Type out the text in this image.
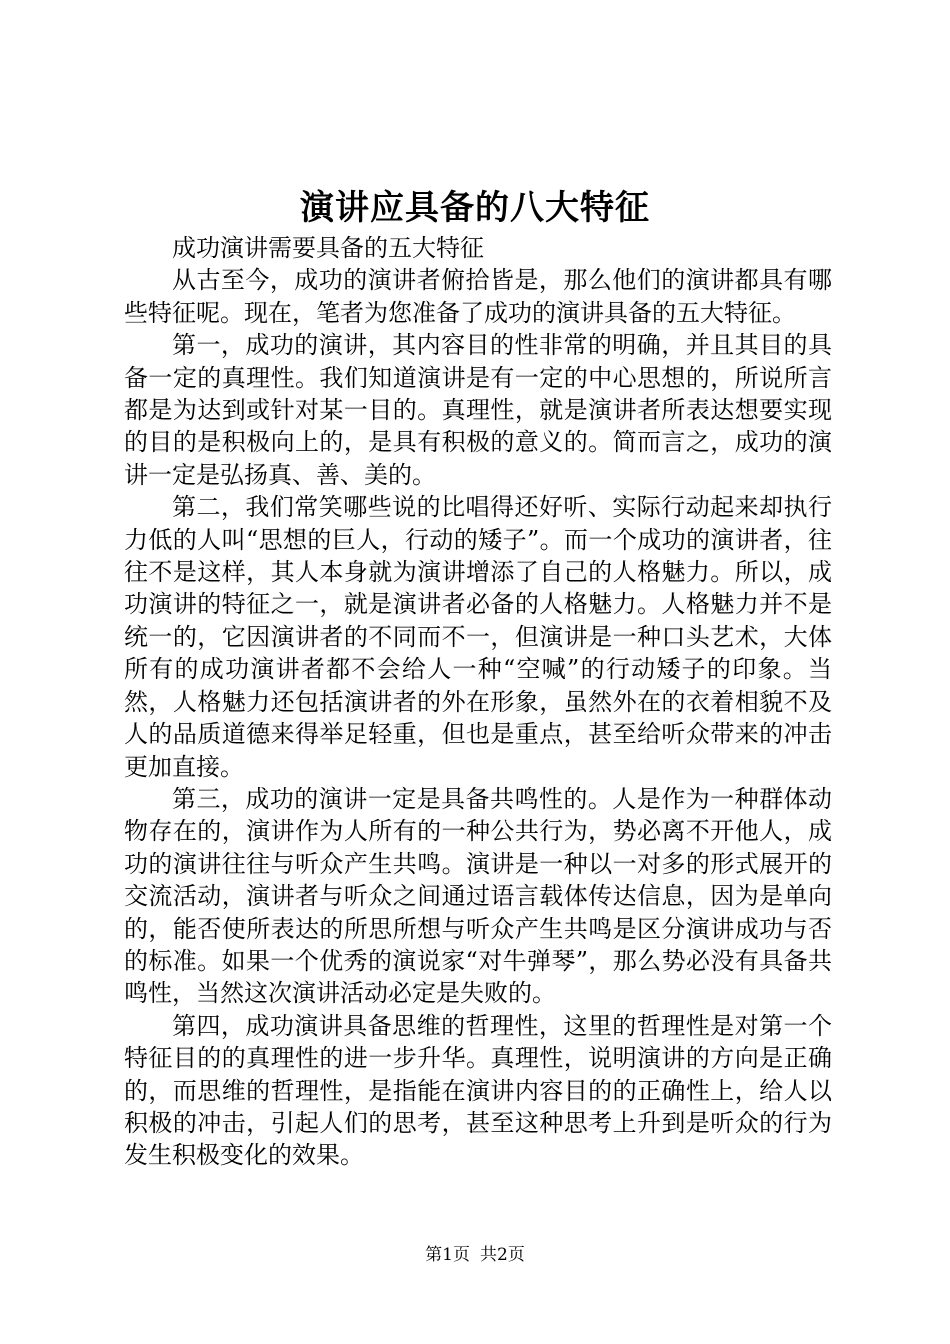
演讲应具备的八大特征

成功演讲需要具备的五大特征

从古至今，成功的演讲者俯拾皆是，那么他们的演讲都具有哪些特征呢。现在，笔者为您准备了成功的演讲具备的五大特征。

第一，成功的演讲，其内容目的性非常的明确，并且其目的具备一定的真理性。我们知道演讲是有一定的中心思想的，所说所言都是为达到或针对某一目的。真理性，就是演讲者所表达想要实现的目的是积极向上的，是具有积极的意义的。简而言之，成功的演讲一定是弘扬真、善、美的。

第二，我们常笑哪些说的比唱得还好听、实际行动起来却执行力低的人叫“思想的巨人，行动的矮子”。而一个成功的演讲者，往往不是这样，其人本身就为演讲增添了自己的人格魅力。所以，成功演讲的特征之一，就是演讲者必备的人格魅力。人格魅力并不是统一的，它因演讲者的不同而不一，但演讲是一种口头艺术，大体所有的成功演讲者都不会给人一种“空喊”的行动矮子的印象。当然，人格魅力还包括演讲者的外在形象，虽然外在的衣着相貌不及人的品质道德来得举足轻重，但也是重点，甚至给听众带来的冲击更加直接。

第三，成功的演讲一定是具备共鸣性的。人是作为一种群体动物存在的，演讲作为人所有的一种公共行为，势必离不开他人，成功的演讲往往与听众产生共鸣。演讲是一种以一对多的形式展开的交流活动，演讲者与听众之间通过语言载体传达信息，因为是单向的，能否使所表达的所思所想与听众产生共鸣是区分演讲成功与否的标准。如果一个优秀的演说家“对牛弹琴”，那么势必没有具备共鸣性，当然这次演讲活动必定是失败的。

第四，成功演讲具备思维的哲理性，这里的哲理性是对第一个特征目的的真理性的进一步升华。真理性，说明演讲的方向是正确的，而思维的哲理性，是指能在演讲内容目的的正确性上，给人以积极的冲击，引起人们的思考，甚至这种思考上升到是听众的行为发生积极变化的效果。

第1页 共2页
